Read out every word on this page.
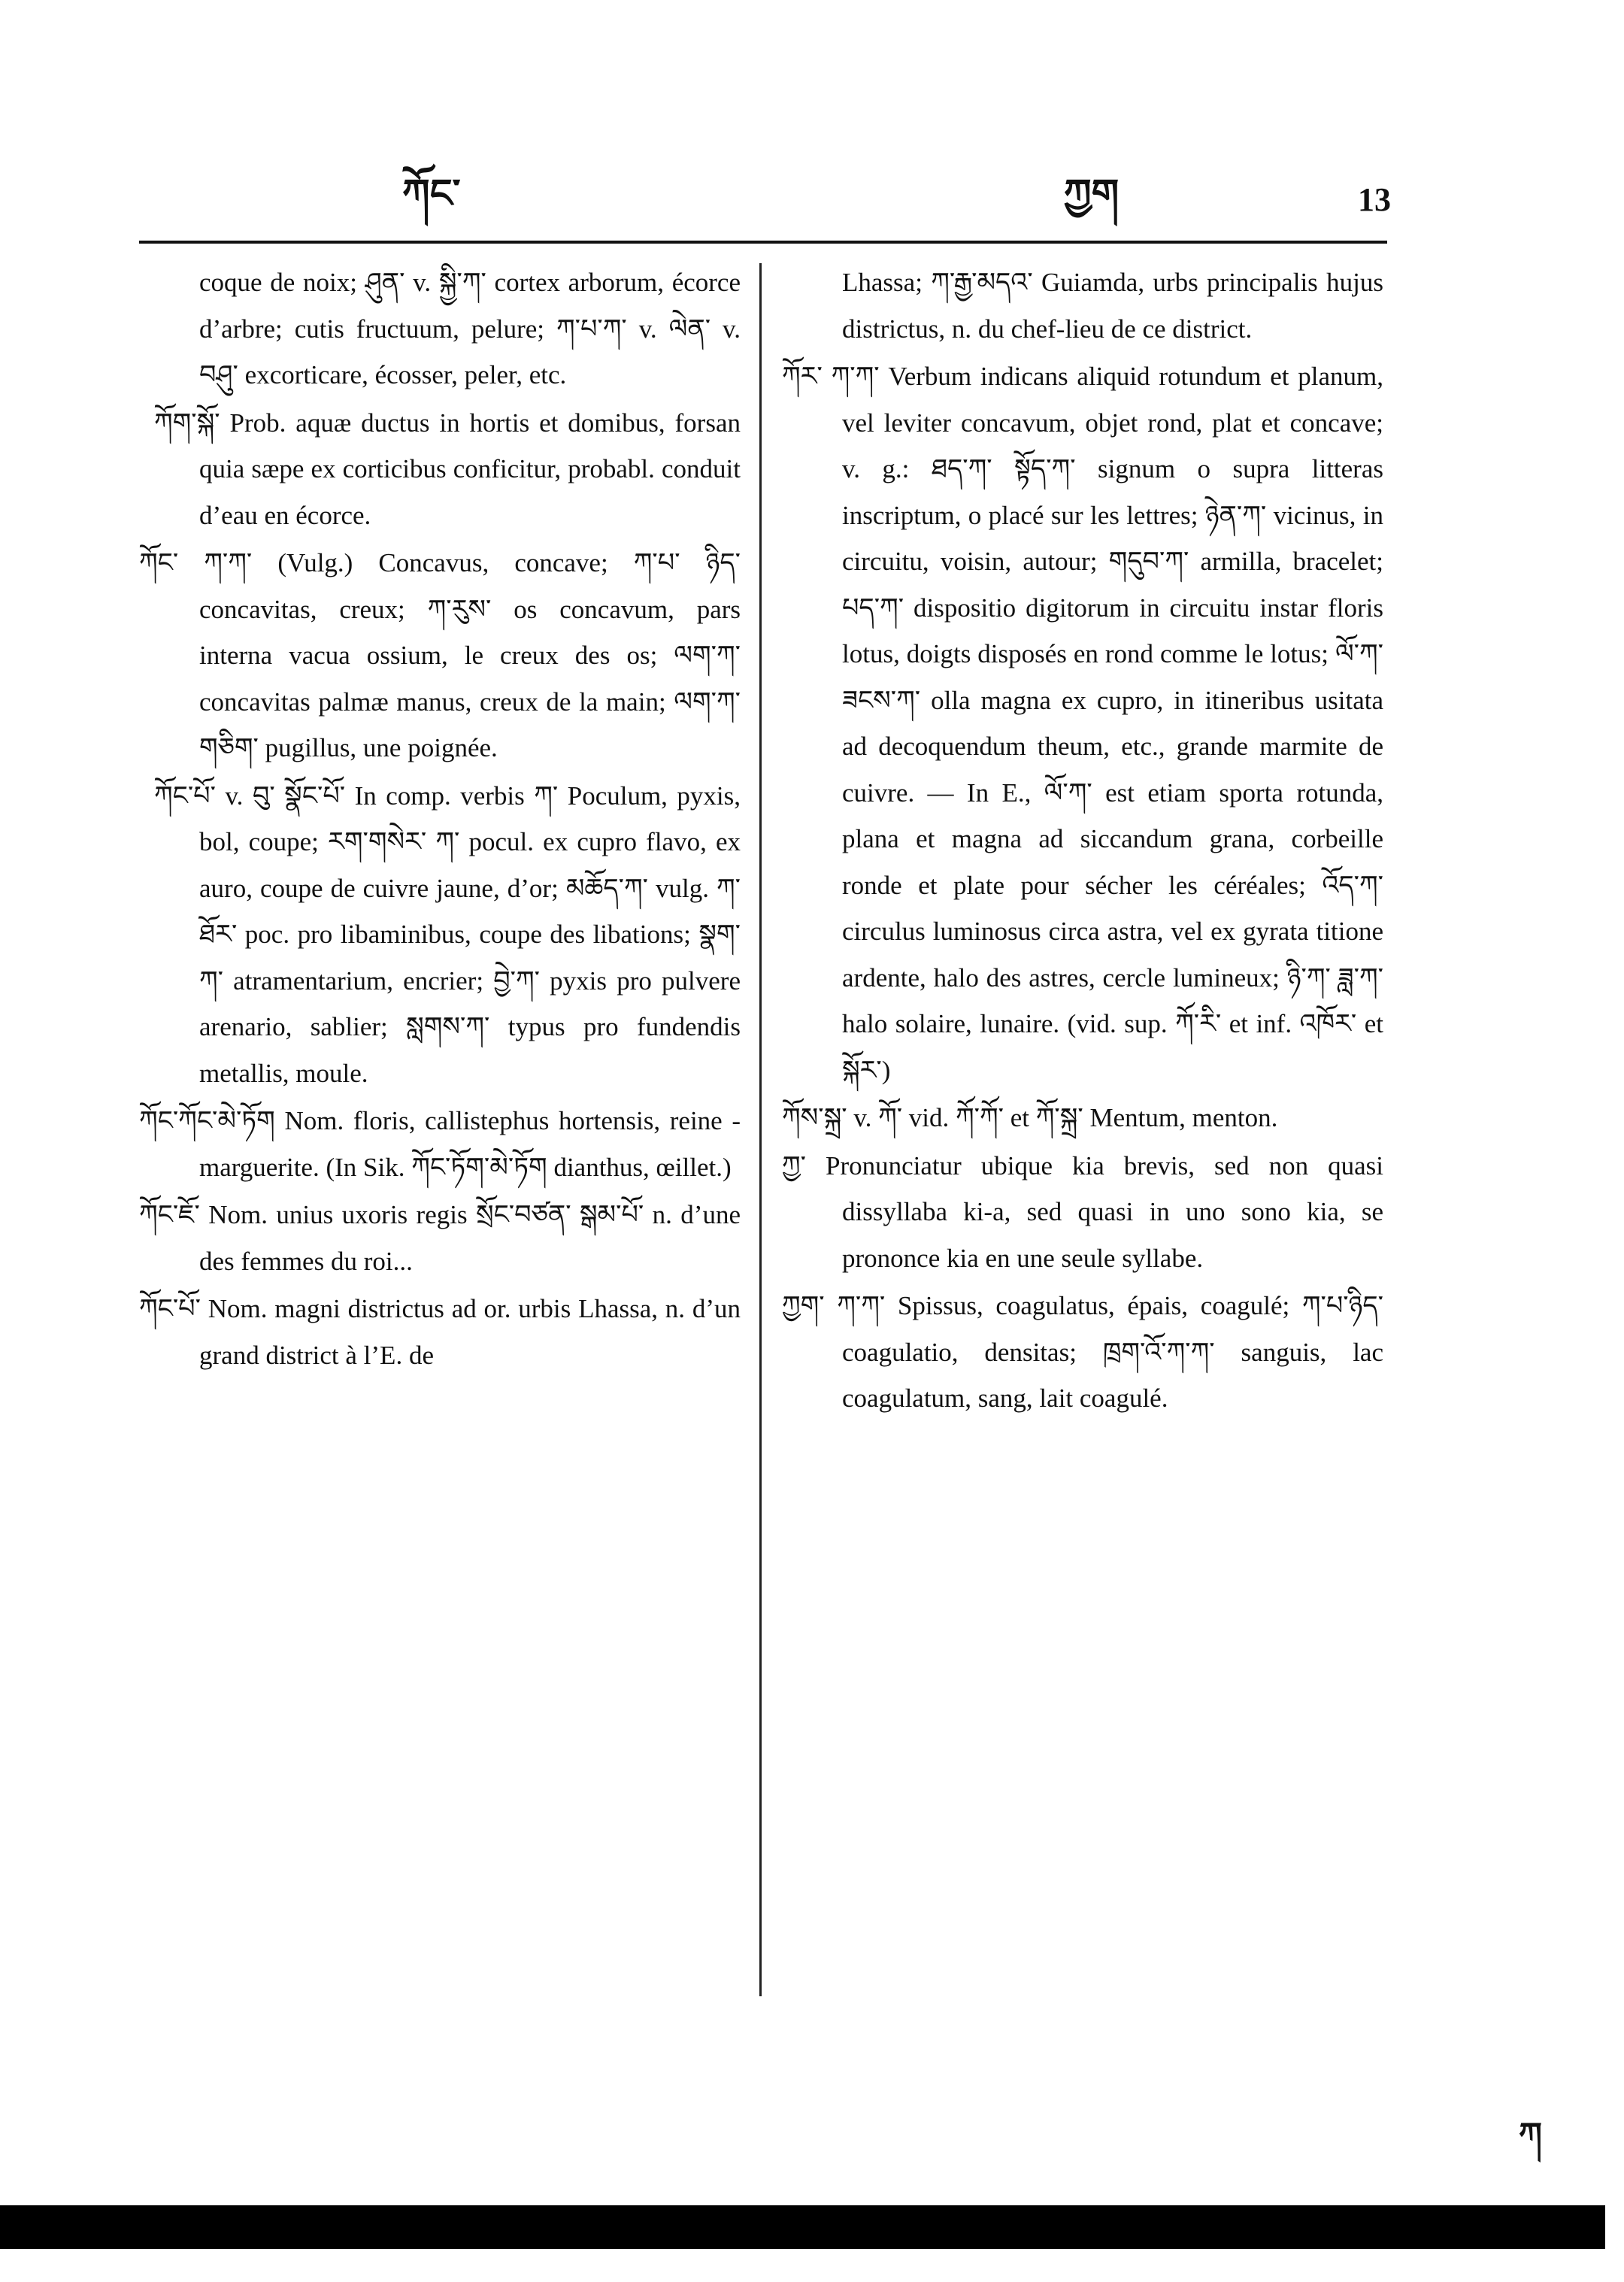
ཀོང་	ཀྱག	13

coque de noix; ཤུན་ v. སྐྱི་ཀ་ cortex arborum, écorce d’arbre; cutis fructuum, pelure; ཀ་པ་ཀ་ v. ལེན་ v. བཤུ་ excorticare, écosser, peler, etc.

ཀོག་སྐོ་ Prob. aquæ ductus in hortis et domibus, forsan quia sæpe ex corticibus conficitur, probabl. conduit d’eau en écorce.

ཀོང་ ཀ་ཀ་ (Vulg.) Concavus, concave; ཀ་པ་ ཉིད་ concavitas, creux; ཀ་རུས་ os concavum, pars interna vacua ossium, le creux des os; ལག་ཀ་ concavitas palmæ manus, creux de la main; ལག་ཀ་གཅིག་ pugillus, une poignée.

ཀོང་པོ་ v. བུ་ སྣོང་པོ་ In comp. verbis ཀ་ Poculum, pyxis, bol, coupe; རག་གསེར་ ཀ་ pocul. ex cupro flavo, ex auro, coupe de cuivre jaune, d’or; མཆོད་ཀ་ vulg. ཀ་ཐོར་ poc. pro libaminibus, coupe des libations; སྣག་ཀ་ atramentarium, encrier; བྱེ་ཀ་ pyxis pro pulvere arenario, sablier; སླགས་ཀ་ typus pro fundendis metallis, moule.

ཀོང་ཀོང་མེ་ཏོག Nom. floris, callistephus hortensis, reine - marguerite. (In Sik. ཀོང་ཏོག་མེ་ཏོག dianthus, œillet.)

ཀོང་ཇོ་ Nom. unius uxoris regis སྲོང་བཙན་ སྒམ་པོ་ n. d’une des femmes du roi...

ཀོང་པོ་ Nom. magni districtus ad or. urbis Lhassa, n. d’un grand district à l’E. de

Lhassa; ཀ་རྒྱ་མདའ་ Guiamda, urbs principalis hujus districtus, n. du chef-lieu de ce district.

ཀོར་ ཀ་ཀ་ Verbum indicans aliquid rotundum et planum, vel leviter concavum, objet rond, plat et concave; v. g.: ཐད་ཀ་ སྟོད་ཀ་ signum o supra litteras inscriptum, o placé sur les lettres; ཉེན་ཀ་ vicinus, in circuitu, voisin, autour; གདུབ་ཀ་ armilla, bracelet; པད་ཀ་ dispositio digitorum in circuitu instar floris lotus, doigts disposés en rond comme le lotus; ལོ་ཀ་ ཟངས་ཀ་ olla magna ex cupro, in itineribus usitata ad decoquendum theum, etc., grande marmite de cuivre. — In E., ལོ་ཀ་ est etiam sporta rotunda, plana et magna ad siccandum grana, corbeille ronde et plate pour sécher les céréales; འོད་ཀ་ circulus luminosus circa astra, vel ex gyrata titione ardente, halo des astres, cercle lumineux; ཉི་ཀ་ ཟླ་ཀ་ halo solaire, lunaire. (vid. sup. ཀོ་རི་ et inf. འཁོར་ et སྐོར་)

ཀོས་སྐྲ་ v. ཀོ་ vid. ཀོ་ཀོ་ et ཀོ་སྐྲ་ Mentum, menton.

ཀྱ་ Pronunciatur ubique kia brevis, sed non quasi dissyllaba ki-a, sed quasi in uno sono kia, se prononce kia en une seule syllabe.

ཀྱག་ ཀ་ཀ་ Spissus, coagulatus, épais, coagulé; ཀ་པ་ཉིད་ coagulatio, densitas; ཁྲག་འོ་ཀ་ཀ་ sanguis, lac coagulatum, sang, lait coagulé.

ཀ
